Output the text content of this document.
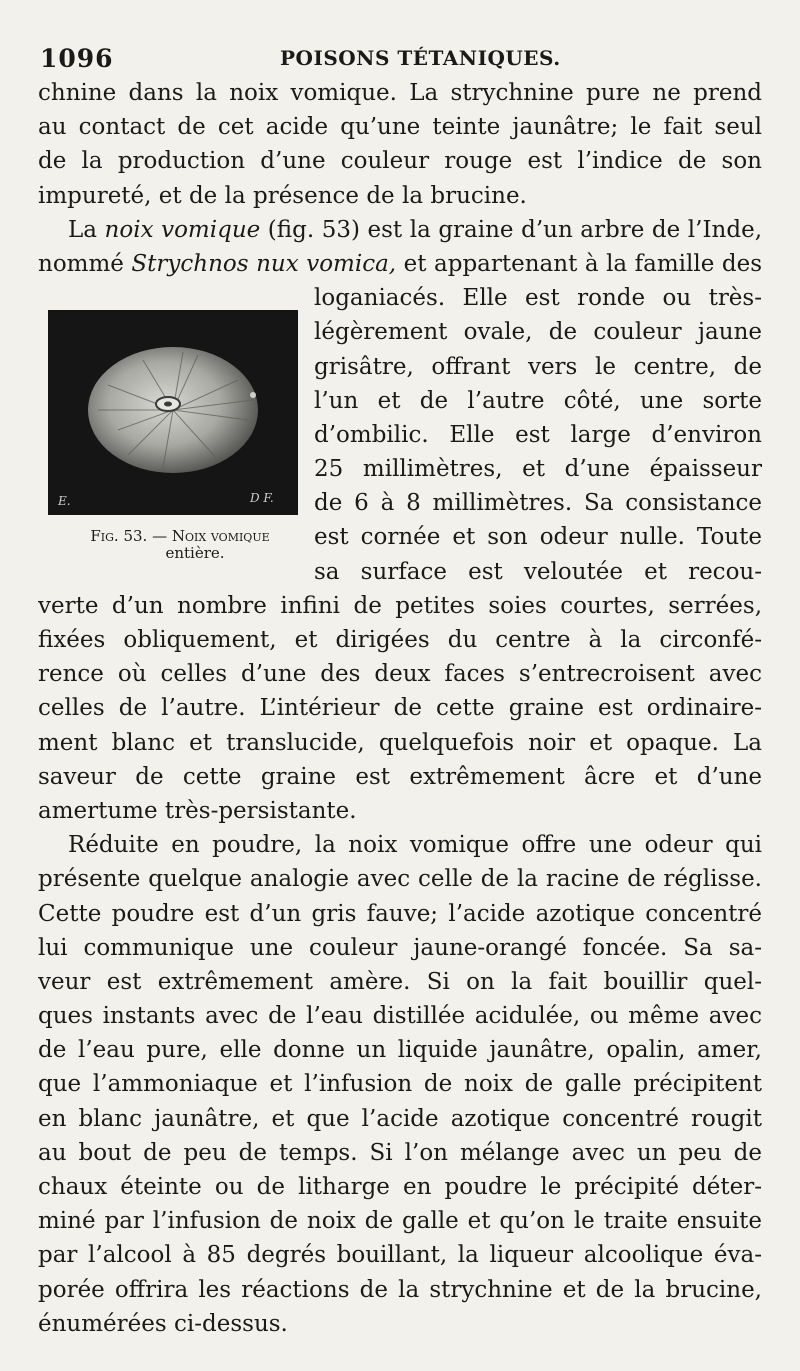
1096	POISONS TÉTANIQUES.
E.	D F.
Fig. 53. — Noix vomique
entière.
chnine dans la noix vomique. La strychnine pure ne prend
au contact de cet acide qu’une teinte jaunâtre; le fait seul
de la production d’une couleur rouge est l’indice de son
impureté, et de la présence de la brucine.
La noix vomique (fig. 53) est la graine d’un arbre de l’Inde,
nommé Strychnos nux vomica, et appartenant à la famille des
loganiacés. Elle est ronde ou très-
légèrement ovale, de couleur jaune
grisâtre, offrant vers le centre, de
l’un et de l’autre côté, une sorte
d’ombilic. Elle est large d’environ
25 millimètres, et d’une épaisseur
de 6 à 8 millimètres. Sa consistance
est cornée et son odeur nulle. Toute
sa surface est veloutée et recou-
verte d’un nombre infini de petites soies courtes, serrées,
fixées obliquement, et dirigées du centre à la circonfé-
rence où celles d’une des deux faces s’entrecroisent avec
celles de l’autre. L’intérieur de cette graine est ordinaire-
ment blanc et translucide, quelquefois noir et opaque. La
saveur de cette graine est extrêmement âcre et d’une
amertume très-persistante.
Réduite en poudre, la noix vomique offre une odeur qui
présente quelque analogie avec celle de la racine de réglisse.
Cette poudre est d’un gris fauve; l’acide azotique concentré
lui communique une couleur jaune-orangé foncée. Sa sa-
veur est extrêmement amère. Si on la fait bouillir quel-
ques instants avec de l’eau distillée acidulée, ou même avec
de l’eau pure, elle donne un liquide jaunâtre, opalin, amer,
que l’ammoniaque et l’infusion de noix de galle précipitent
en blanc jaunâtre, et que l’acide azotique concentré rougit
au bout de peu de temps. Si l’on mélange avec un peu de
chaux éteinte ou de litharge en poudre le précipité déter-
miné par l’infusion de noix de galle et qu’on le traite ensuite
par l’alcool à 85 degrés bouillant, la liqueur alcoolique éva-
porée offrira les réactions de la strychnine et de la brucine,
énumérées ci-dessus.
